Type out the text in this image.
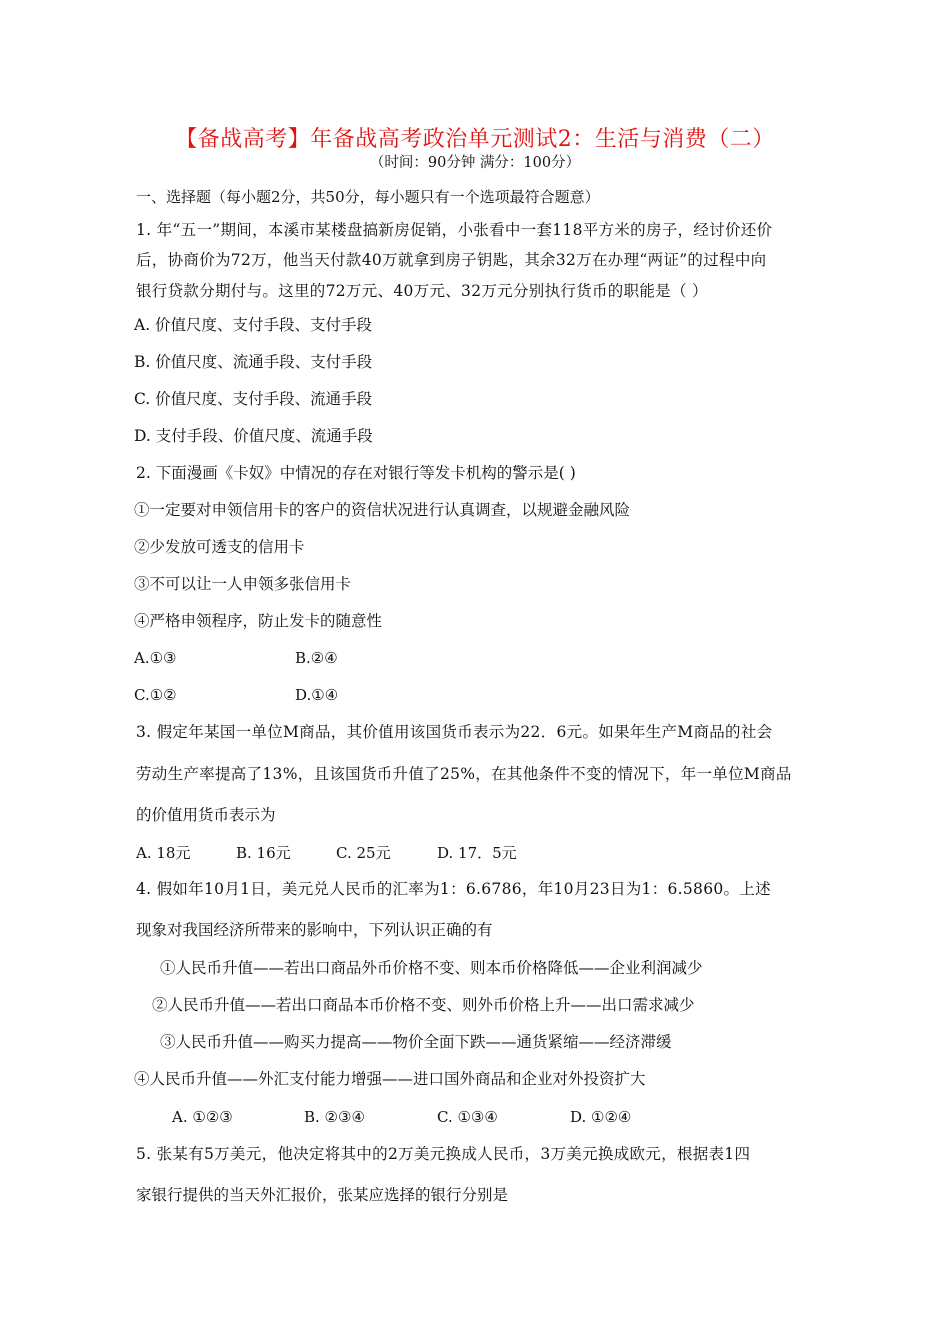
【备战高考】年备战高考政治单元测试2：生活与消费（二）
（时间：90分钟 满分：100分）
一、选择题（每小题2分，共50分，每小题只有一个选项最符合题意）
1. 年“五一”期间，本溪市某楼盘搞新房促销，小张看中一套118平方米的房子，经讨价还价
后，协商价为72万，他当天付款40万就拿到房子钥匙，其余32万在办理“两证”的过程中向
银行贷款分期付与。这里的72万元、40万元、32万元分别执行货币的职能是（ ）
A. 价值尺度、支付手段、支付手段
B. 价值尺度、流通手段、支付手段
C. 价值尺度、支付手段、流通手段
D. 支付手段、价值尺度、流通手段
2. 下面漫画《卡奴》中情况的存在对银行等发卡机构的警示是( )
①一定要对申领信用卡的客户的资信状况进行认真调查，以规避金融风险
②少发放可透支的信用卡
③不可以让一人申领多张信用卡
④严格申领程序，防止发卡的随意性
A.①③	B.②④
C.①②	D.①④
3. 假定年某国一单位M商品，其价值用该国货币表示为22．6元。如果年生产M商品的社会
劳动生产率提高了13%，且该国货币升值了25%，在其他条件不变的情况下，年一单位M商品
的价值用货币表示为
A. 18元	B. 16元	C. 25元	D. 17．5元
4. 假如年10月1日，美元兑人民币的汇率为1：6.6786，年10月23日为1：6.5860。上述
现象对我国经济所带来的影响中，下列认识正确的有
①人民币升值——若出口商品外币价格不变、则本币价格降低——企业利润减少
②人民币升值——若出口商品本币价格不变、则外币价格上升——出口需求减少
③人民币升值——购买力提高——物价全面下跌——通货紧缩——经济滞缓
④人民币升值——外汇支付能力增强——进口国外商品和企业对外投资扩大
A. ①②③	B. ②③④	C. ①③④	D. ①②④
5. 张某有5万美元，他决定将其中的2万美元换成人民币，3万美元换成欧元，根据表1四
家银行提供的当天外汇报价，张某应选择的银行分别是
